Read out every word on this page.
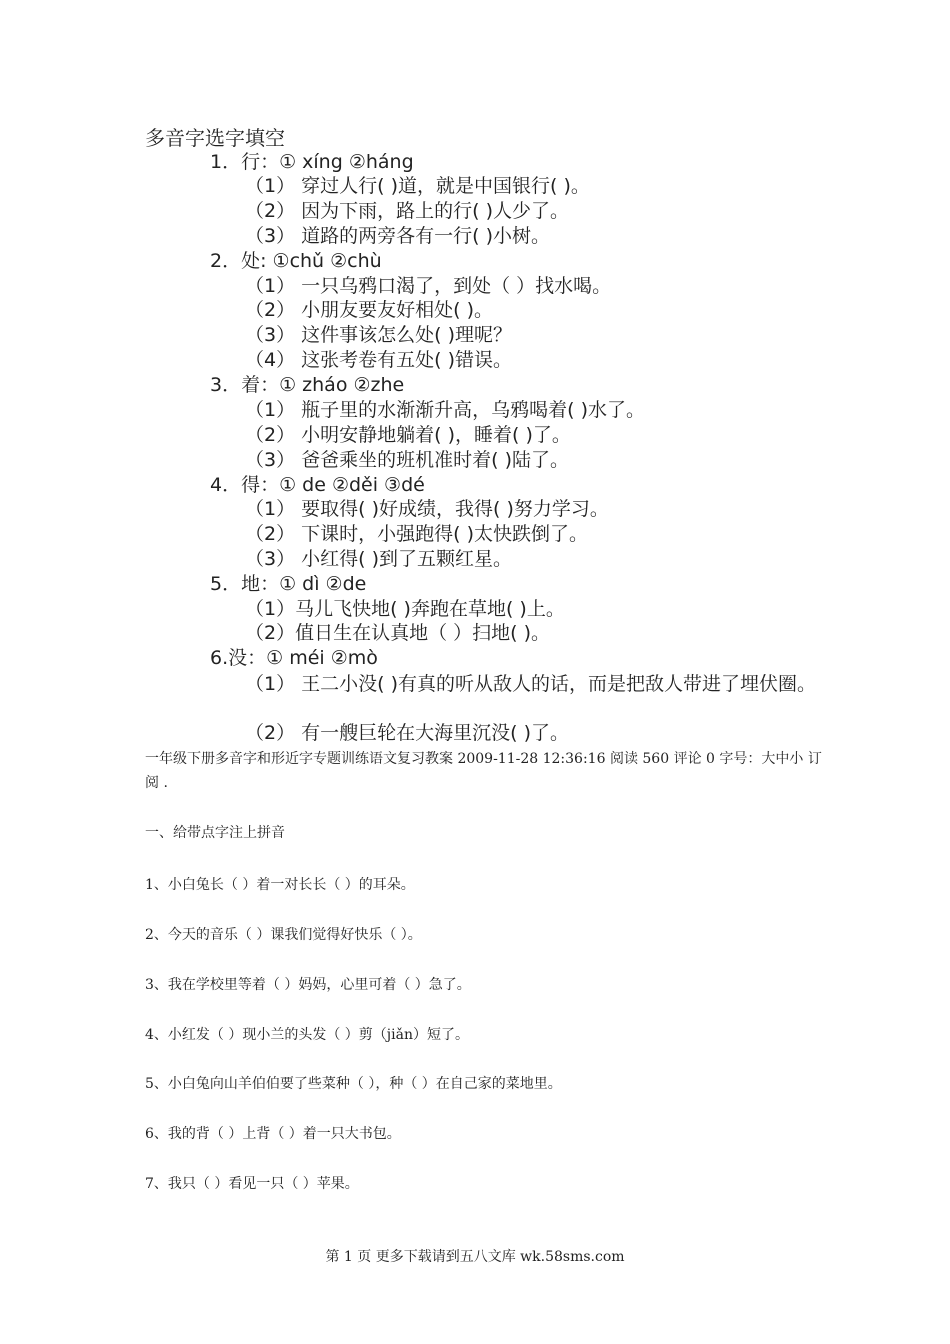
多音字选字填空
1．行：① xíng ②háng
（1） 穿过人行( )道，就是中国银行( )。
（2） 因为下雨，路上的行( )人少了。
（3） 道路的两旁各有一行( )小树。
2．处: ①chǔ ②chù
（1） 一只乌鸦口渴了，到处（ ）找水喝。
（2） 小朋友要友好相处( )。
（3） 这件事该怎么处( )理呢？
（4） 这张考卷有五处( )错误。
3．着：① zháo ②zhe
（1） 瓶子里的水渐渐升高，乌鸦喝着( )水了。
（2） 小明安静地躺着( )，睡着( )了。
（3） 爸爸乘坐的班机准时着( )陆了。
4．得：① de ②děi ③dé
（1） 要取得( )好成绩，我得( )努力学习。
（2） 下课时，小强跑得( )太快跌倒了。
（3） 小红得( )到了五颗红星。
5．地：① dì ②de
（1）马儿飞快地( )奔跑在草地( )上。
（2）值日生在认真地（ ）扫地( )。
6.没：① méi ②mò
（1） 王二小没( )有真的听从敌人的话，而是把敌人带进了埋伏圈。
（2） 有一艘巨轮在大海里沉没( )了。
一年级下册多音字和形近字专题训练语文复习教案 2009-11-28 12:36:16 阅读 560 评论 0 字号：大中小 订阅 .
一、给带点字注上拼音
1、小白兔长（ ）着一对长长（ ）的耳朵。
2、今天的音乐（ ）课我们觉得好快乐（ ）。
3、我在学校里等着（ ）妈妈，心里可着（ ）急了。
4、小红发（ ）现小兰的头发（ ）剪（jiǎn）短了。
5、小白兔向山羊伯伯要了些菜种（ ），种（ ）在自己家的菜地里。
6、我的背（ ）上背（ ）着一只大书包。
7、我只（ ）看见一只（ ）苹果。
第 1 页 更多下载请到五八文库 wk.58sms.com
